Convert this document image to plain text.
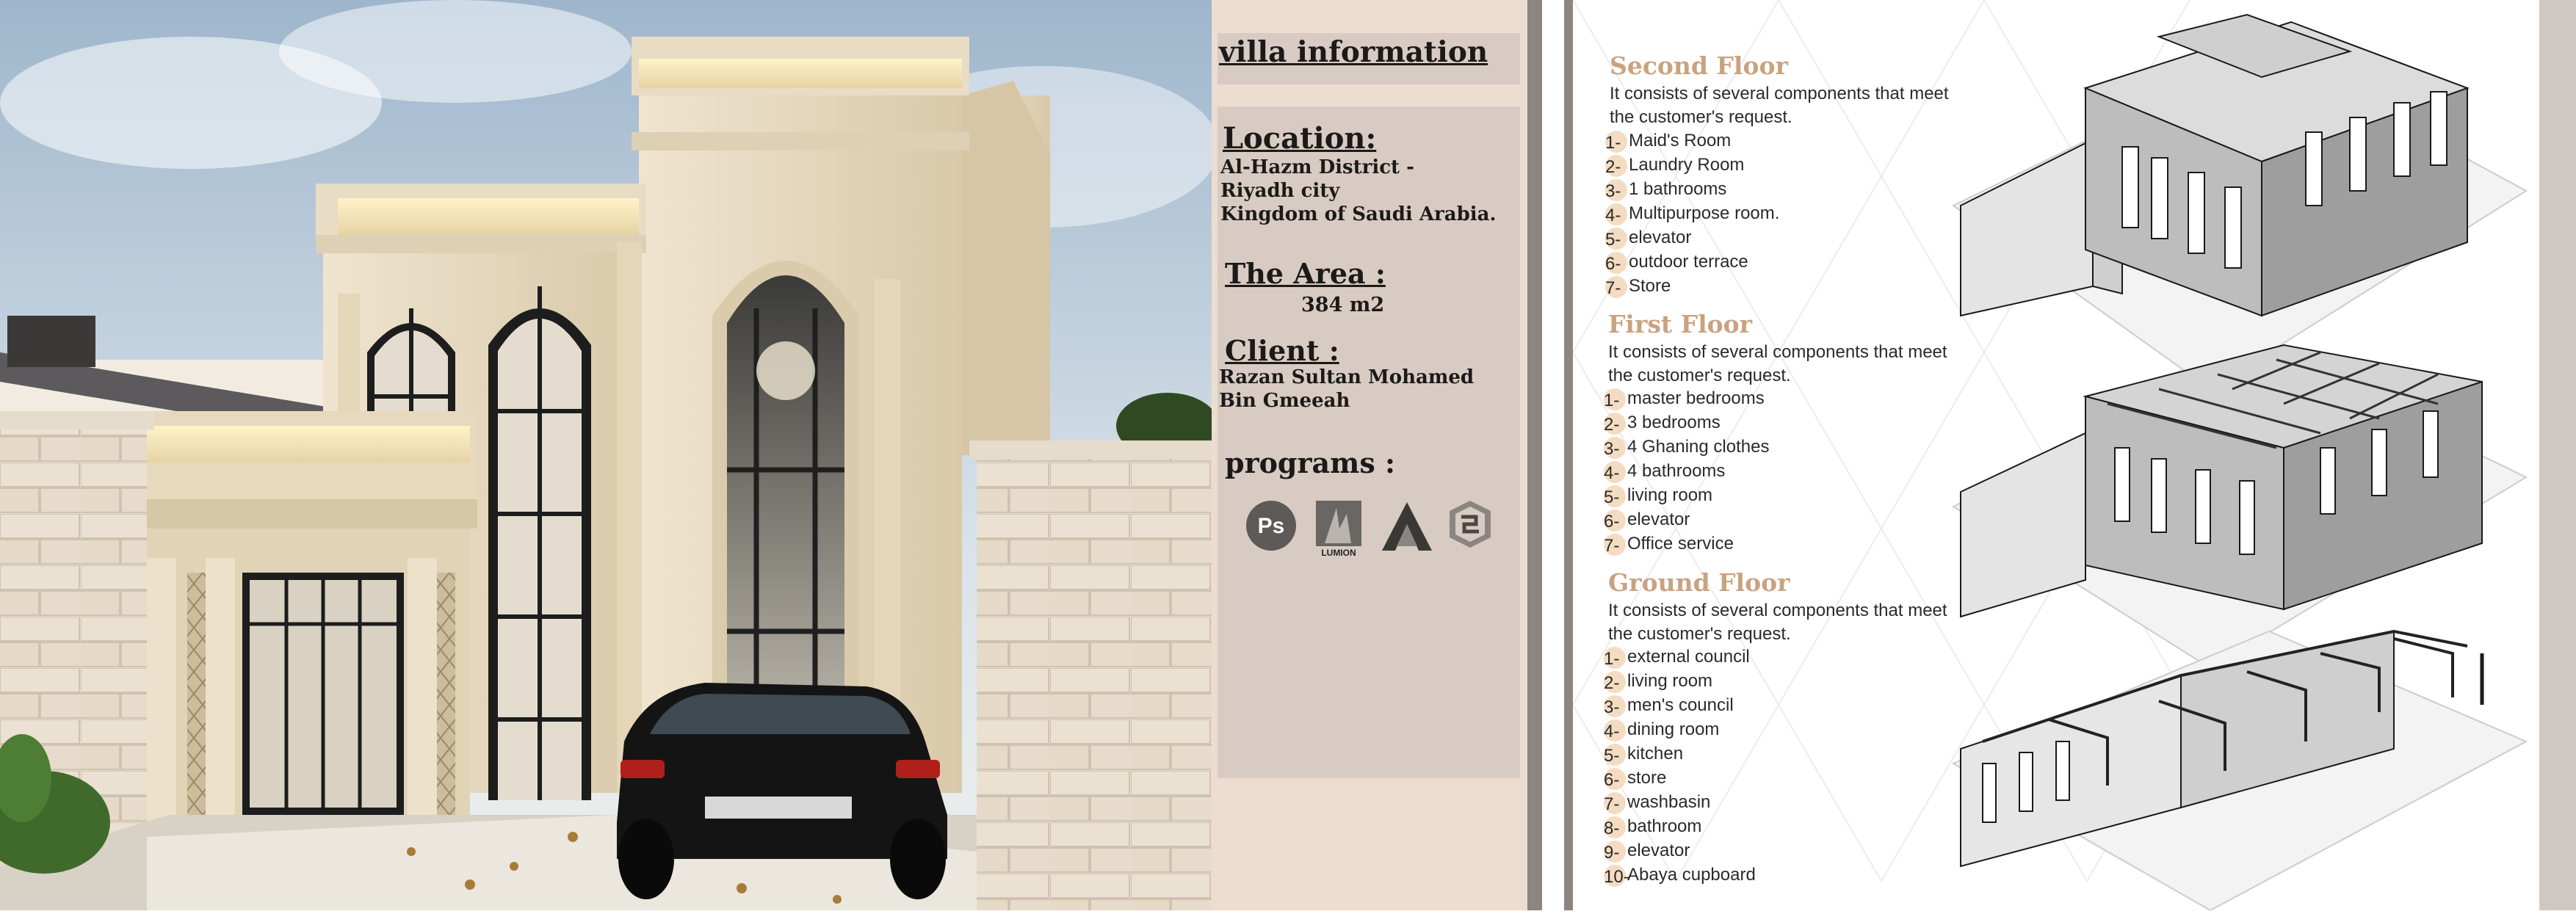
villa information
Location:
Al-Hazm District -
Riyadh city
Kingdom of Saudi Arabia.
The Area :
384 m2
Client :
Razan Sultan Mohamed
Bin Gmeeah
programs :
Ps
LUMION
A
Second Floor
It consists of several components that meet
the customer's request.
1- Maid's Room
2- Laundry Room
3- 1 bathrooms
4- Multipurpose room.
5- elevator
6- outdoor terrace
7- Store
First Floor
It consists of several components that meet
the customer's request.
1- master bedrooms
2- 3 bedrooms
3- 4 Ghaning clothes
4- 4 bathrooms
5- living room
6- elevator
7- Office service
Ground Floor
It consists of several components that meet
the customer's request.
1- external council
2- living room
3- men's council
4- dining room
5- kitchen
6- store
7- washbasin
8- bathroom
9- elevator
10-Abaya cupboard
